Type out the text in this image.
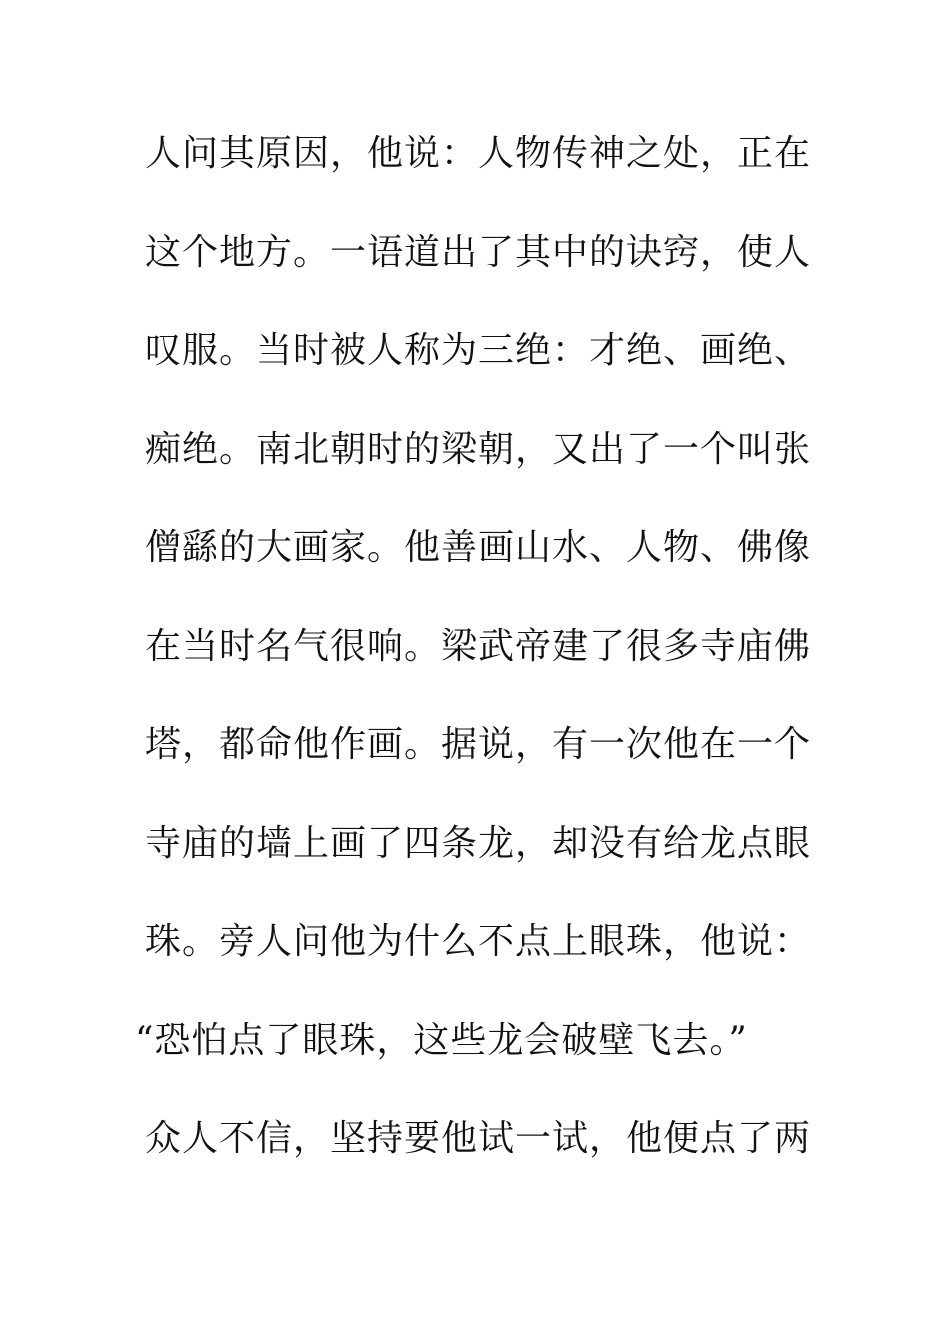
人问其原因，他说：人物传神之处，正在
这个地方。一语道出了其中的诀窍，使人
叹服。当时被人称为三绝：才绝、画绝、
痴绝。南北朝时的梁朝，又出了一个叫张
僧繇的大画家。他善画山水、人物、佛像
在当时名气很响。梁武帝建了很多寺庙佛
塔，都命他作画。据说，有一次他在一个
寺庙的墙上画了四条龙，却没有给龙点眼
珠。旁人问他为什么不点上眼珠，他说：
“恐怕点了眼珠，这些龙会破壁飞去。”
众人不信，坚持要他试一试，他便点了两
